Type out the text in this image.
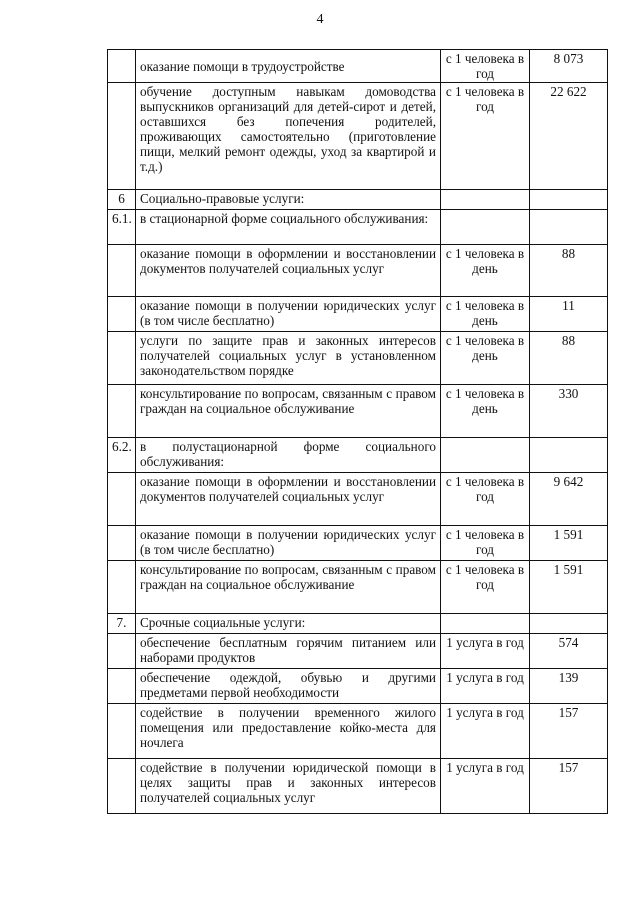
4
	оказание помощи в трудоустройстве	с 1 человека в год	8 073
	обучение доступным навыкам домоводства выпускников организаций для детей-сирот и детей, оставшихся без попечения родителей, проживающих самостоятельно (приготовление пищи, мелкий ремонт одежды, уход за квартирой и т.д.)	с 1 человека в год	22 622
6	Социально-правовые услуги:		
6.1.	в стационарной форме социального обслуживания:		
	оказание помощи в оформлении и восстановлении документов получателей социальных услуг	с 1 человека в день	88
	оказание помощи в получении юридических услуг (в том числе бесплатно)	с 1 человека в день	11
	услуги по защите прав и законных интересов получателей социальных услуг в установленном законодательством порядке	с 1 человека в день	88
	консультирование по вопросам, связанным с правом граждан на социальное обслуживание	с 1 человека в день	330
6.2.	в полустационарной форме социального обслуживания:		
	оказание помощи в оформлении и восстановлении документов получателей социальных услуг	с 1 человека в год	9 642
	оказание помощи в получении юридических услуг (в том числе бесплатно)	с 1 человека в год	1 591
	консультирование по вопросам, связанным с правом граждан на социальное обслуживание	с 1 человека в год	1 591
7.	Срочные социальные услуги:		
	обеспечение бесплатным горячим питанием или наборами продуктов	1 услуга в год	574
	обеспечение одеждой, обувью и другими предметами первой необходимости	1 услуга в год	139
	содействие в получении временного жилого помещения или предоставление койко-места для ночлега	1 услуга в год	157
	содействие в получении юридической помощи в целях защиты прав и законных интересов получателей социальных услуг	1 услуга в год	157
